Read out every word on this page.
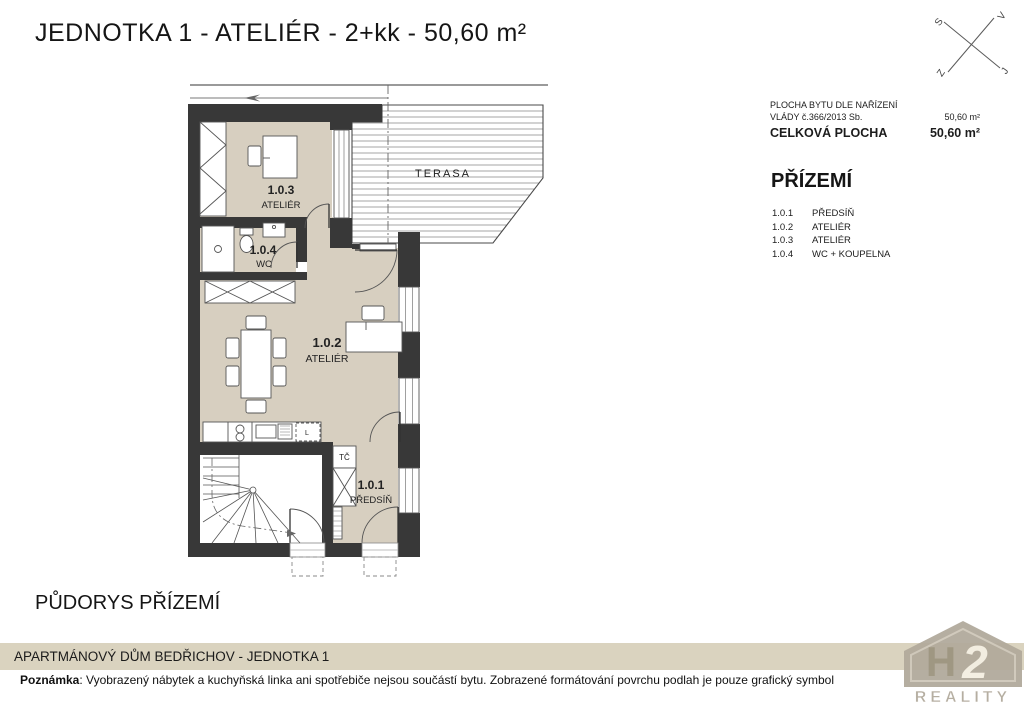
TERASA
L
TČ
1.0.3
ATELIÉR
1.0.4
WC
1.0.2
ATELIÉR
1.0.1
PŘEDSÍŇ
JEDNOTKA 1 - ATELIÉR - 2+kk - 50,60 m²	S
V
Z	J
PLOCHA BYTU DLE NAŘÍZENÍ
VLÁDY č.366/2013 Sb.	50,60 m²
CELKOVÁ PLOCHA	50,60 m²
PŘÍZEMÍ
1.0.1	PŘEDSÍŇ
1.0.2	ATELIÉR
1.0.3	ATELIÉR
1.0.4	WC + KOUPELNA
PŮDORYS PŘÍZEMÍ
APARTMÁNOVÝ DŮM BEDŘICHOV - JEDNOTKA 1
Poznámka: Vyobrazený nábytek a kuchyňská linka ani spotřebiče nejsou součástí bytu. Zobrazené formátování povrchu podlah je pouze grafický symbol H 2
REALITY
